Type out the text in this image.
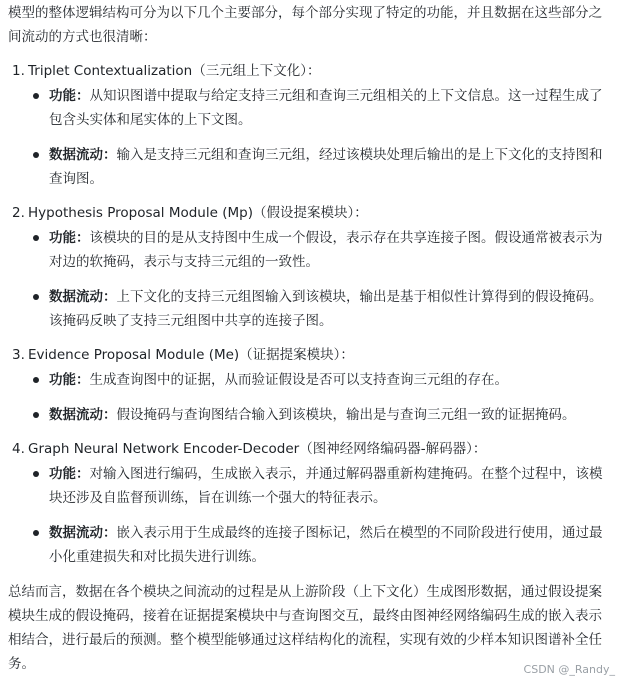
模型的整体逻辑结构可分为以下几个主要部分，每个部分实现了特定的功能，并且数据在这些部分之间流动的方式也很清晰：

1. Triplet Contextualization（三元组上下文化）：
功能：从知识图谱中提取与给定支持三元组和查询三元组相关的上下文信息。这一过程生成了包含头实体和尾实体的上下文图。
数据流动：输入是支持三元组和查询三元组，经过该模块处理后输出的是上下文化的支持图和查询图。
2. Hypothesis Proposal Module (Mp)（假设提案模块）：
功能：该模块的目的是从支持图中生成一个假设，表示存在共享连接子图。假设通常被表示为对边的软掩码，表示与支持三元组的一致性。
数据流动：上下文化的支持三元组图输入到该模块，输出是基于相似性计算得到的假设掩码。该掩码反映了支持三元组图中共享的连接子图。
3. Evidence Proposal Module (Me)（证据提案模块）：
功能：生成查询图中的证据，从而验证假设是否可以支持查询三元组的存在。
数据流动：假设掩码与查询图结合输入到该模块，输出是与查询三元组一致的证据掩码。
4. Graph Neural Network Encoder-Decoder（图神经网络编码器-解码器）：
功能：对输入图进行编码，生成嵌入表示，并通过解码器重新构建掩码。在整个过程中，该模块还涉及自监督预训练，旨在训练一个强大的特征表示。
数据流动：嵌入表示用于生成最终的连接子图标记，然后在模型的不同阶段进行使用，通过最小化重建损失和对比损失进行训练。

总结而言，数据在各个模块之间流动的过程是从上游阶段（上下文化）生成图形数据，通过假设提案模块生成的假设掩码，接着在证据提案模块中与查询图交互，最终由图神经网络编码生成的嵌入表示相结合，进行最后的预测。整个模型能够通过这样结构化的流程，实现有效的少样本知识图谱补全任务。	CSDN @_Randy_
